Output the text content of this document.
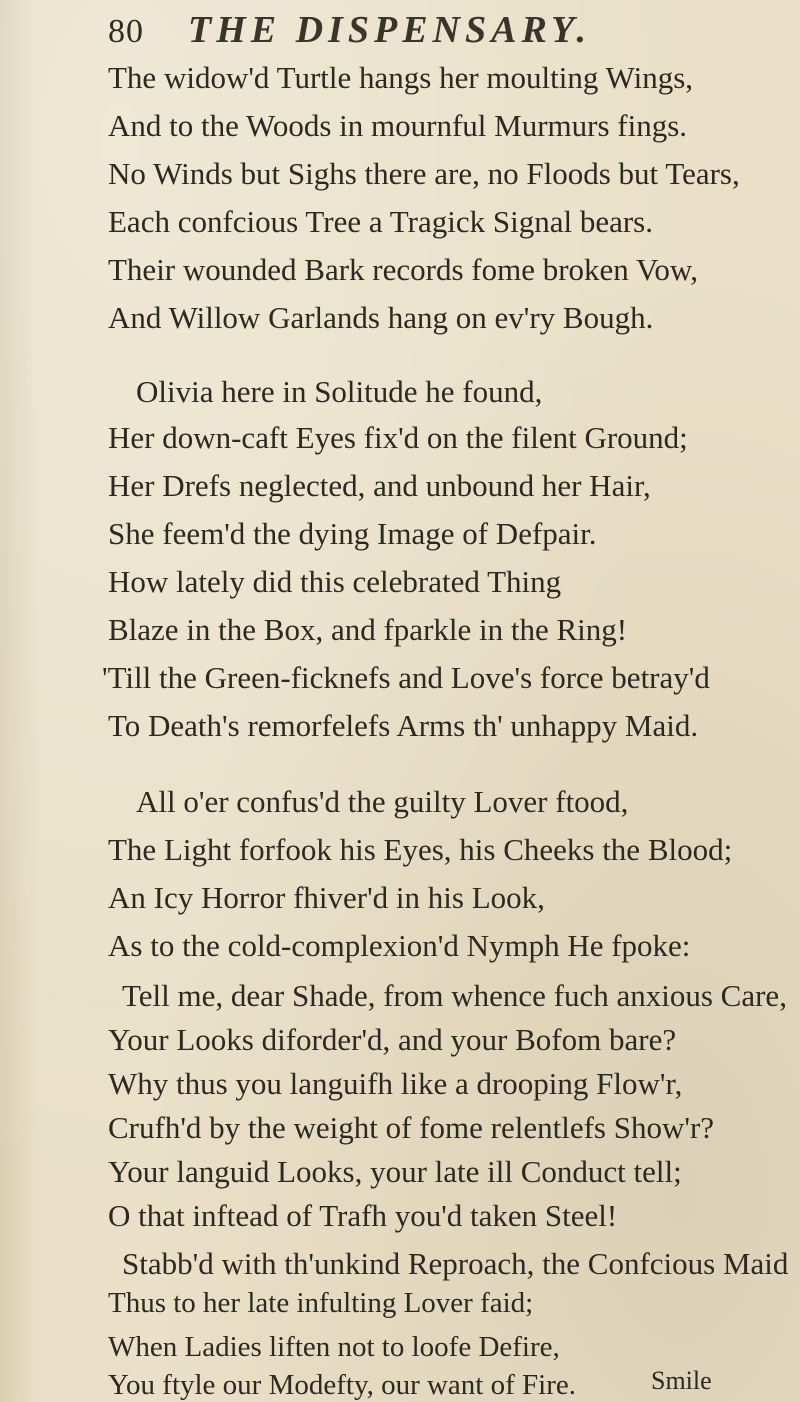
80	THE DISPENSARY.
The widow'd Turtle hangs her moulting Wings,
And to the Woods in mournful Murmurs fings.
No Winds but Sighs there are, no Floods but Tears,
Each confcious Tree a Tragick Signal bears.
Their wounded Bark records fome broken Vow,
And Willow Garlands hang on ev'ry Bough.
Olivia here in Solitude he found,
Her down-caft Eyes fix'd on the filent Ground;
Her Drefs neglected, and unbound her Hair,
She feem'd the dying Image of Defpair.
How lately did this celebrated Thing
Blaze in the Box, and fparkle in the Ring!
'Till the Green-ficknefs and Love's force betray'd
To Death's remorfelefs Arms th' unhappy Maid.
All o'er confus'd the guilty Lover ftood,
The Light forfook his Eyes, his Cheeks the Blood;
An Icy Horror fhiver'd in his Look,
As to the cold-complexion'd Nymph He fpoke:
Tell me, dear Shade, from whence fuch anxious Care,
Your Looks diforder'd, and your Bofom bare?
Why thus you languifh like a drooping Flow'r,
Crufh'd by the weight of fome relentlefs Show'r?
Your languid Looks, your late ill Conduct tell;
O that inftead of Trafh you'd taken Steel!
Stabb'd with th'unkind Reproach, the Confcious Maid
Thus to her late infulting Lover faid;
When Ladies liften not to loofe Defire,
You ftyle our Modefty, our want of Fire.	Smile
